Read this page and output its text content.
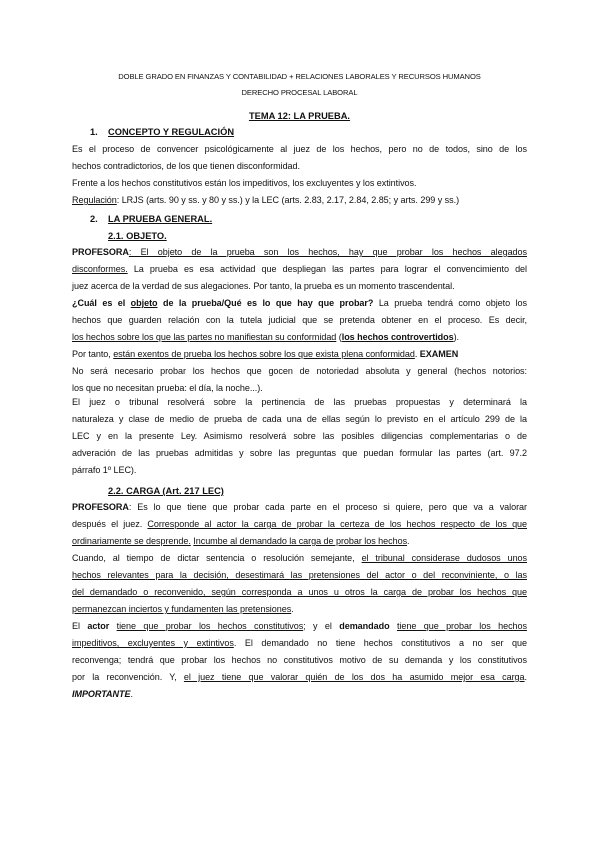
DOBLE GRADO EN FINANZAS Y CONTABILIDAD + RELACIONES LABORALES Y RECURSOS HUMANOS
DERECHO PROCESAL LABORAL
TEMA 12: LA PRUEBA.
1. CONCEPTO Y REGULACIÓN
Es el proceso de convencer psicológicamente al juez de los hechos, pero no de todos, sino de los
hechos contradictorios, de los que tienen disconformidad.
Frente a los hechos constitutivos están los impeditivos, los excluyentes y los extintivos.
Regulación: LRJS (arts. 90 y ss. y 80 y ss.) y la LEC (arts. 2.83, 2.17, 2.84, 2.85; y arts. 299 y ss.)
2. LA PRUEBA GENERAL.
2.1. OBJETO.
PROFESORA: El objeto de la prueba son los hechos, hay que probar los hechos alegados
disconformes. La prueba es esa actividad que despliegan las partes para lograr el convencimiento del
juez acerca de la verdad de sus alegaciones. Por tanto, la prueba es un momento trascendental.
¿Cuál es el objeto de la prueba/Qué es lo que hay que probar? La prueba tendrá como objeto los
hechos que guarden relación con la tutela judicial que se pretenda obtener en el proceso. Es decir,
los hechos sobre los que las partes no manifiestan su conformidad (los hechos controvertidos).
Por tanto, están exentos de prueba los hechos sobre los que exista plena conformidad. EXAMEN
No será necesario probar los hechos que gocen de notoriedad absoluta y general (hechos notorios:
los que no necesitan prueba: el día, la noche...).
El juez o tribunal resolverá sobre la pertinencia de las pruebas propuestas y determinará la
naturaleza y clase de medio de prueba de cada una de ellas según lo previsto en el artículo 299 de la
LEC y en la presente Ley. Asimismo resolverá sobre las posibles diligencias complementarias o de
adveración de las pruebas admitidas y sobre las preguntas que puedan formular las partes (art. 97.2
párrafo 1º LEC).
2.2. CARGA (Art. 217 LEC)
PROFESORA: Es lo que tiene que probar cada parte en el proceso si quiere, pero que va a valorar
después el juez. Corresponde al actor la carga de probar la certeza de los hechos respecto de los que
ordinariamente se desprende. Incumbe al demandado la carga de probar los hechos.
Cuando, al tiempo de dictar sentencia o resolución semejante, el tribunal considerase dudosos unos
hechos relevantes para la decisión, desestimará las pretensiones del actor o del reconviniente, o las
del demandado o reconvenido, según corresponda a unos u otros la carga de probar los hechos que
permanezcan inciertos y fundamenten las pretensiones.
El actor tiene que probar los hechos constitutivos; y el demandado tiene que probar los hechos
impeditivos, excluyentes y extintivos. El demandado no tiene hechos constitutivos a no ser que
reconvenga; tendrá que probar los hechos no constitutivos motivo de su demanda y los constitutivos
por la reconvención. Y, el juez tiene que valorar quién de los dos ha asumido mejor esa carga.
IMPORTANTE.
